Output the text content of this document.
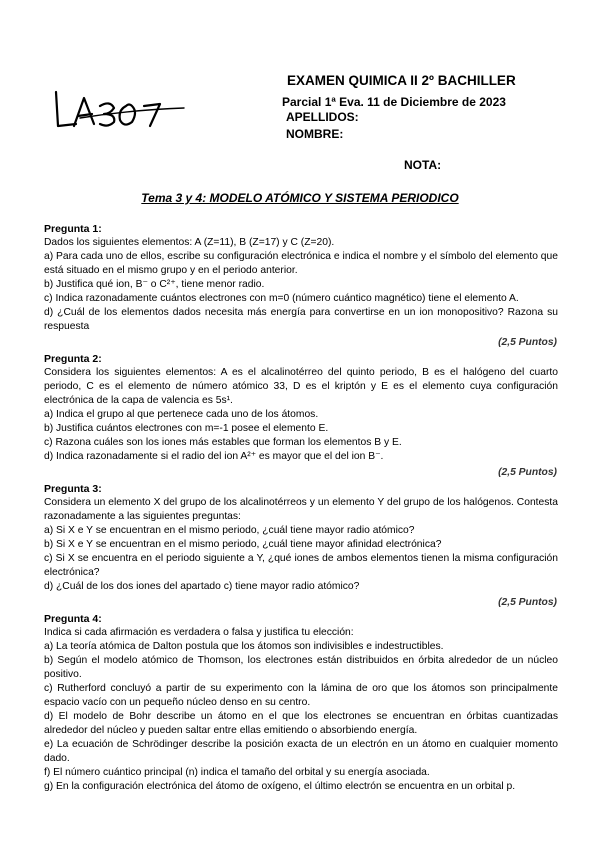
EXAMEN QUIMICA II 2º BACHILLER
Parcial 1ª Eva. 11 de Diciembre de 2023
APELLIDOS:
NOMBRE:
NOTA:
Tema 3 y 4: MODELO ATÓMICO Y SISTEMA PERIODICO
Pregunta 1:

Dados los siguientes elementos: A (Z=11), B (Z=17) y C (Z=20).

a) Para cada uno de ellos, escribe su configuración electrónica e indica el nombre y el símbolo del elemento que está situado en el mismo grupo y en el periodo anterior.

b) Justifica qué ion, B⁻ o C²⁺, tiene menor radio.

c) Indica razonadamente cuántos electrones con m=0 (número cuántico magnético) tiene el elemento A.

d) ¿Cuál de los elementos dados necesita más energía para convertirse en un ion monopositivo? Razona su respuesta

(2,5 Puntos)
Pregunta 2:

Considera los siguientes elementos: A es el alcalinotérreo del quinto periodo, B es el halógeno del cuarto periodo, C es el elemento de número atómico 33, D es el kriptón y E es el elemento cuya configuración electrónica de la capa de valencia es 5s¹.

a) Indica el grupo al que pertenece cada uno de los átomos.

b) Justifica cuántos electrones con m=-1 posee el elemento E.

c) Razona cuáles son los iones más estables que forman los elementos B y E.

d) Indica razonadamente si el radio del ion A²⁺ es mayor que el del ion B⁻.

(2,5 Puntos)
Pregunta 3:

Considera un elemento X del grupo de los alcalinotérreos y un elemento Y del grupo de los halógenos. Contesta razonadamente a las siguientes preguntas:

a) Si X e Y se encuentran en el mismo periodo, ¿cuál tiene mayor radio atómico?

b) Si X e Y se encuentran en el mismo periodo, ¿cuál tiene mayor afinidad electrónica?

c) Si X se encuentra en el periodo siguiente a Y, ¿qué iones de ambos elementos tienen la misma configuración electrónica?

d) ¿Cuál de los dos iones del apartado c) tiene mayor radio atómico?

(2,5 Puntos)
Pregunta 4:

Indica si cada afirmación es verdadera o falsa y justifica tu elección:

a) La teoría atómica de Dalton postula que los átomos son indivisibles e indestructibles.

b) Según el modelo atómico de Thomson, los electrones están distribuidos en órbita alrededor de un núcleo positivo.

c) Rutherford concluyó a partir de su experimento con la lámina de oro que los átomos son principalmente espacio vacío con un pequeño núcleo denso en su centro.

d) El modelo de Bohr describe un átomo en el que los electrones se encuentran en órbitas cuantizadas alrededor del núcleo y pueden saltar entre ellas emitiendo o absorbiendo energía.

e) La ecuación de Schrödinger describe la posición exacta de un electrón en un átomo en cualquier momento dado.

f) El número cuántico principal (n) indica el tamaño del orbital y su energía asociada.

g) En la configuración electrónica del átomo de oxígeno, el último electrón se encuentra en un orbital p.
